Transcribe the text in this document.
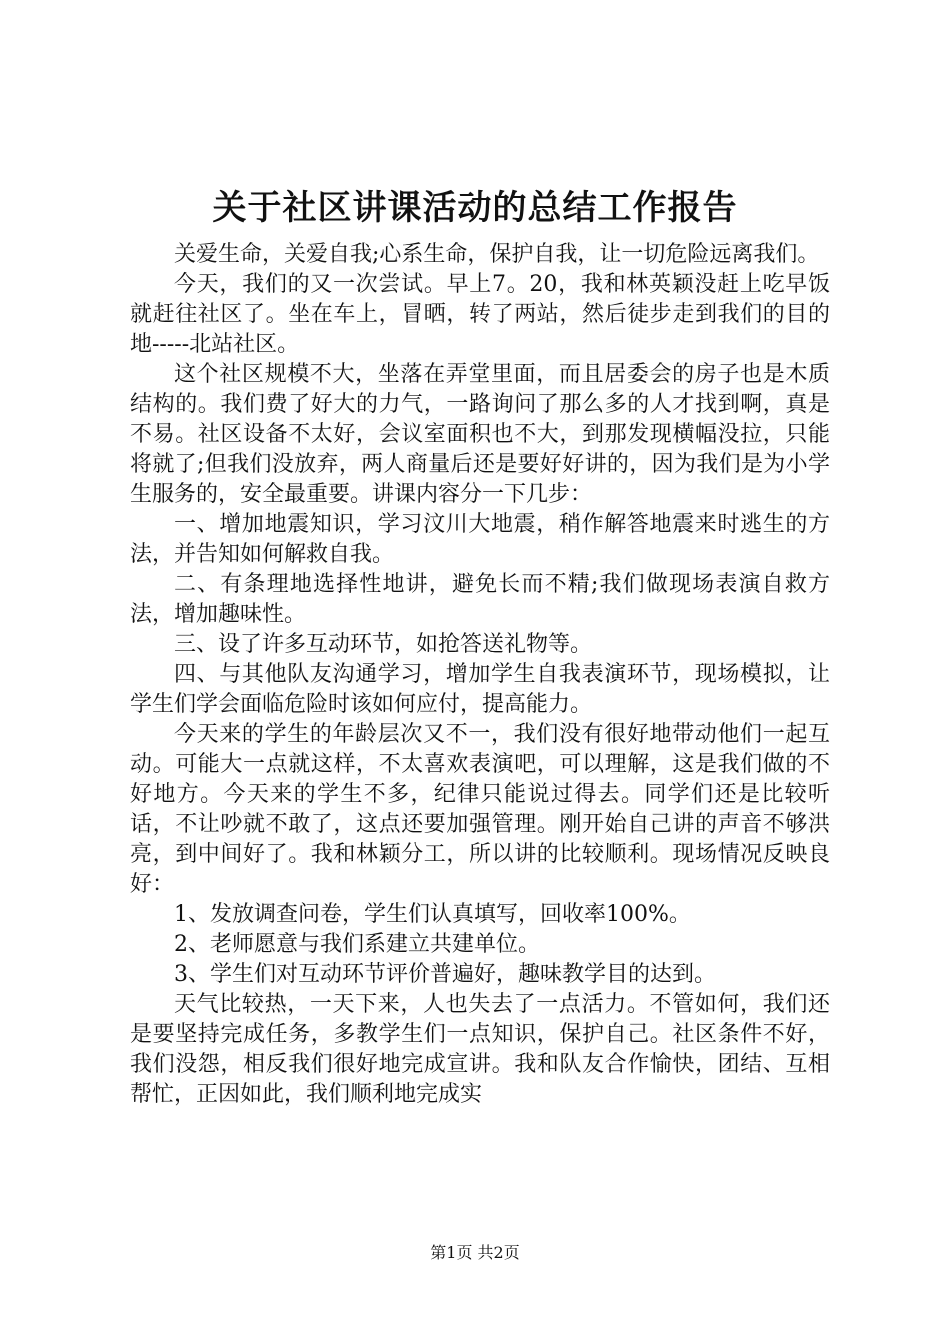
关于社区讲课活动的总结工作报告

关爱生命，关爱自我;心系生命，保护自我，让一切危险远离我们。

今天，我们的又一次尝试。早上7。20，我和林英颖没赶上吃早饭就赶往社区了。坐在车上，冒晒，转了两站，然后徒步走到我们的目的地-----北站社区。

这个社区规模不大，坐落在弄堂里面，而且居委会的房子也是木质结构的。我们费了好大的力气，一路询问了那么多的人才找到啊，真是不易。社区设备不太好，会议室面积也不大，到那发现横幅没拉，只能将就了;但我们没放弃，两人商量后还是要好好讲的，因为我们是为小学生服务的，安全最重要。讲课内容分一下几步：

一、增加地震知识，学习汶川大地震，稍作解答地震来时逃生的方法，并告知如何解救自我。

二、有条理地选择性地讲，避免长而不精;我们做现场表演自救方法，增加趣味性。

三、设了许多互动环节，如抢答送礼物等。

四、与其他队友沟通学习，增加学生自我表演环节，现场模拟，让学生们学会面临危险时该如何应付，提高能力。

今天来的学生的年龄层次又不一，我们没有很好地带动他们一起互动。可能大一点就这样，不太喜欢表演吧，可以理解，这是我们做的不好地方。今天来的学生不多，纪律只能说过得去。同学们还是比较听话，不让吵就不敢了，这点还要加强管理。刚开始自己讲的声音不够洪亮，到中间好了。我和林颖分工，所以讲的比较顺利。现场情况反映良好：

1、发放调查问卷，学生们认真填写，回收率100%。

2、老师愿意与我们系建立共建单位。

3、学生们对互动环节评价普遍好，趣味教学目的达到。

天气比较热，一天下来，人也失去了一点活力。不管如何，我们还是要坚持完成任务，多教学生们一点知识，保护自己。社区条件不好，我们没怨，相反我们很好地完成宣讲。我和队友合作愉快，团结、互相帮忙，正因如此，我们顺利地完成实

第1页 共2页
